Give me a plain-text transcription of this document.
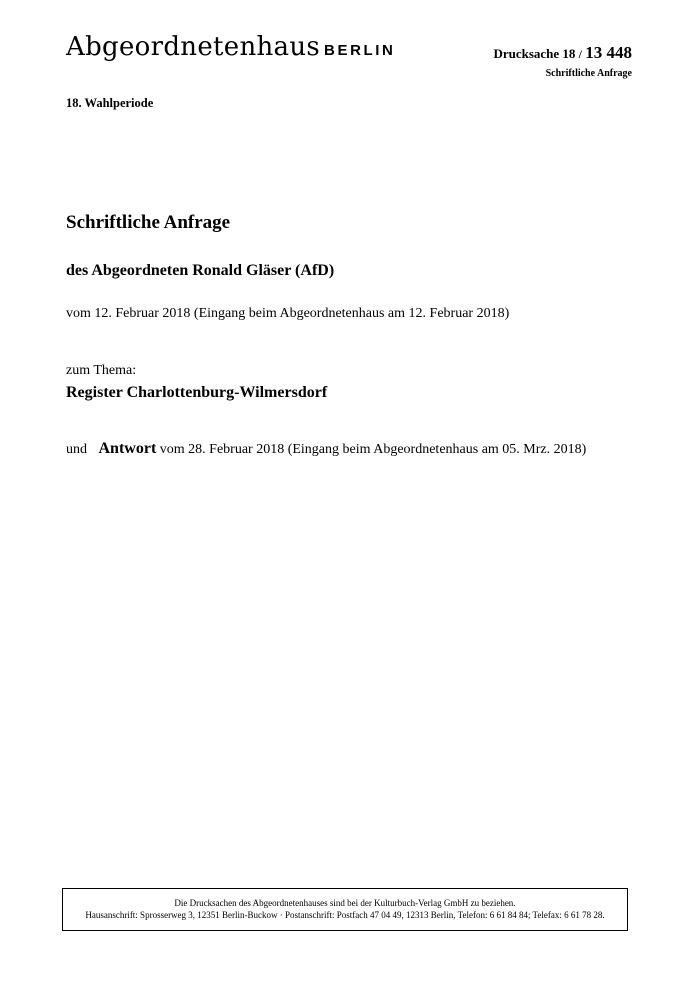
Abgeordnetenhaus BERLIN	Drucksache 18 / 13 448
Schriftliche Anfrage
18. Wahlperiode
Schriftliche Anfrage
des Abgeordneten Ronald Gläser (AfD)
vom 12. Februar 2018 (Eingang beim Abgeordnetenhaus am 12. Februar 2018)
zum Thema:
Register Charlottenburg-Wilmersdorf
und Antwort vom 28. Februar 2018 (Eingang beim Abgeordnetenhaus am 05. Mrz. 2018)
Die Drucksachen des Abgeordnetenhauses sind bei der Kulturbuch-Verlag GmbH zu beziehen.
Hausanschrift: Sprosserweg 3, 12351 Berlin-Buckow · Postanschrift: Postfach 47 04 49, 12313 Berlin, Telefon: 6 61 84 84; Telefax: 6 61 78 28.
